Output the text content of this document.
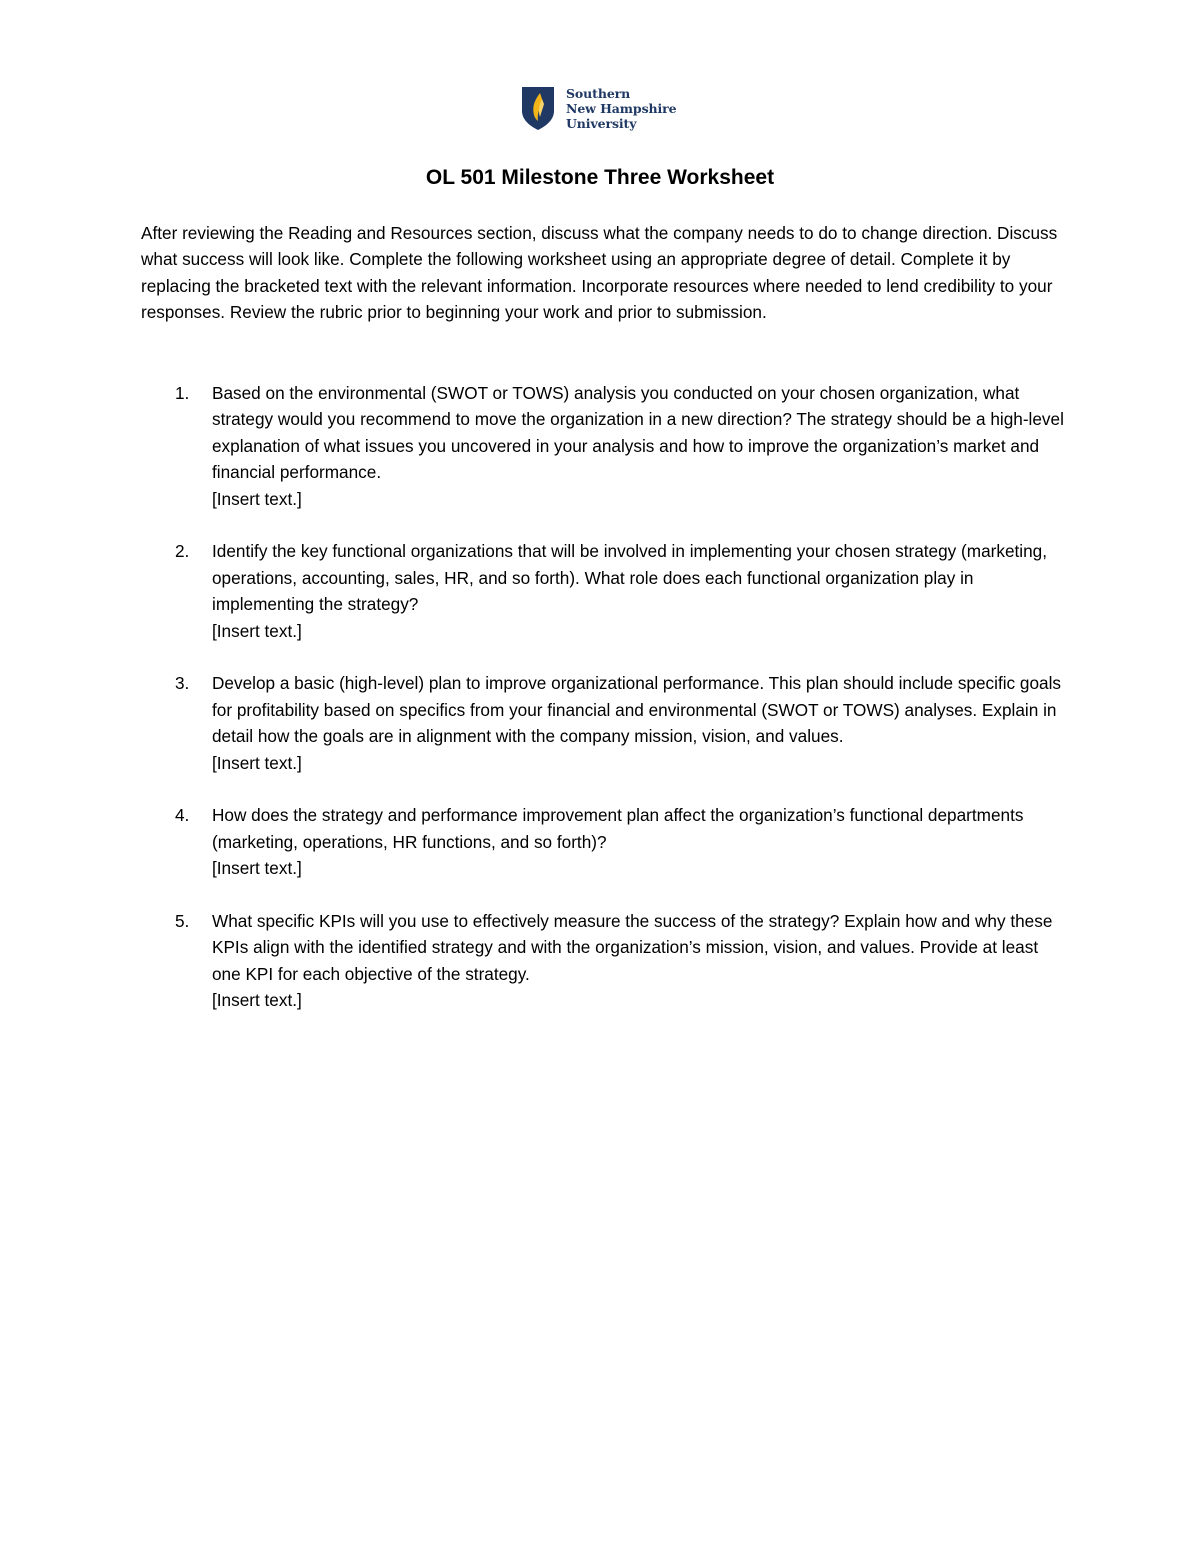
Southern
New Hampshire
University
OL 501 Milestone Three Worksheet

After reviewing the Reading and Resources section, discuss what the company needs to do to change direction. Discuss what success will look like. Complete the following worksheet using an appropriate degree of detail. Complete it by replacing the bracketed text with the relevant information. Incorporate resources where needed to lend credibility to your responses. Review the rubric prior to beginning your work and prior to submission.

1. Based on the environmental (SWOT or TOWS) analysis you conducted on your chosen organization, what strategy would you recommend to move the organization in a new direction? The strategy should be a high-level explanation of what issues you uncovered in your analysis and how to improve the organization’s market and financial performance.
[Insert text.]
2. Identify the key functional organizations that will be involved in implementing your chosen strategy (marketing, operations, accounting, sales, HR, and so forth). What role does each functional organization play in implementing the strategy?
[Insert text.]
3. Develop a basic (high-level) plan to improve organizational performance. This plan should include specific goals for profitability based on specifics from your financial and environmental (SWOT or TOWS) analyses. Explain in detail how the goals are in alignment with the company mission, vision, and values.
[Insert text.]
4. How does the strategy and performance improvement plan affect the organization’s functional departments (marketing, operations, HR functions, and so forth)?
[Insert text.]
5. What specific KPIs will you use to effectively measure the success of the strategy? Explain how and why these KPIs align with the identified strategy and with the organization’s mission, vision, and values. Provide at least one KPI for each objective of the strategy.
[Insert text.]
